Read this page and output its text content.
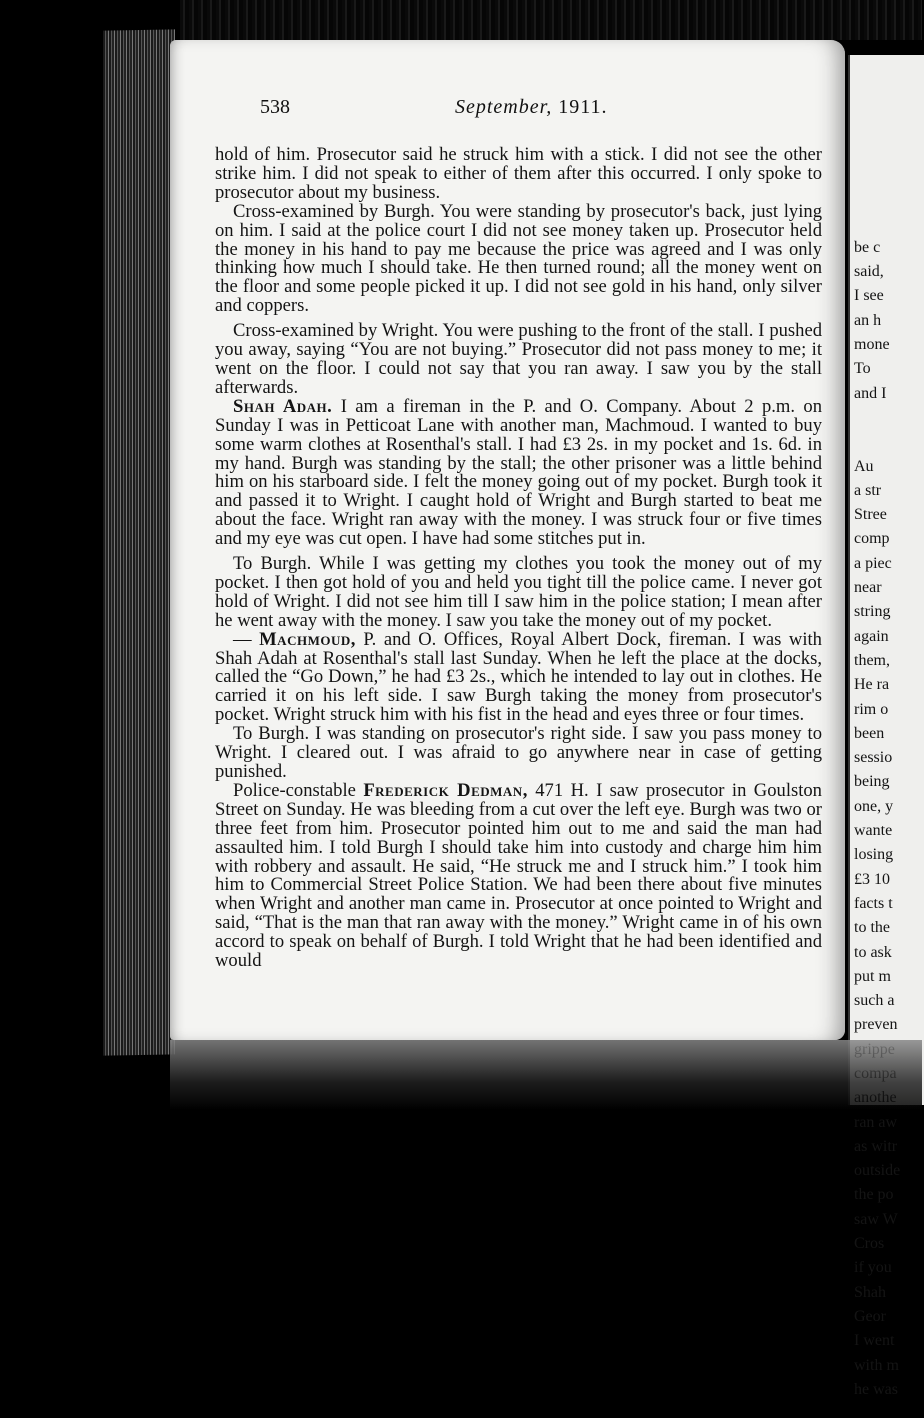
be c
said,
I see
an h
mone
To
and I
Au
a str
Stree
comp
a piec
near
string
again
them,
He ra
rim o
been
sessio
being
one, y
wante
losing
£3 10
facts t
to the
to ask
put m
such a
preven
ran aw
as witr
outside
the po
saw W
Cros
if you
Shah
Geor
I went
with m
he was
538	September, 1911.

hold of him. Prosecutor said he struck him with a stick. I did not see the other strike him. I did not speak to either of them after this occurred. I only spoke to prosecutor about my business.

Cross-examined by Burgh. You were standing by prosecutor's back, just lying on him. I said at the police court I did not see money taken up. Prosecutor held the money in his hand to pay me because the price was agreed and I was only thinking how much I should take. He then turned round; all the money went on the floor and some people picked it up. I did not see gold in his hand, only silver and coppers.

Cross-examined by Wright. You were pushing to the front of the stall. I pushed you away, saying “You are not buying.” Prosecutor did not pass money to me; it went on the floor. I could not say that you ran away. I saw you by the stall afterwards.

Shah Adah. I am a fireman in the P. and O. Company. About 2 p.m. on Sunday I was in Petticoat Lane with another man, Machmoud. I wanted to buy some warm clothes at Rosenthal's stall. I had £3 2s. in my pocket and 1s. 6d. in my hand. Burgh was standing by the stall; the other prisoner was a little behind him on his starboard side. I felt the money going out of my pocket. Burgh took it and passed it to Wright. I caught hold of Wright and Burgh started to beat me about the face. Wright ran away with the money. I was struck four or five times and my eye was cut open. I have had some stitches put in.

To Burgh. While I was getting my clothes you took the money out of my pocket. I then got hold of you and held you tight till the police came. I never got hold of Wright. I did not see him till I saw him in the police station; I mean after he went away with the money. I saw you take the money out of my pocket.

— Machmoud, P. and O. Offices, Royal Albert Dock, fireman. I was with Shah Adah at Rosenthal's stall last Sunday. When he left the place at the docks, called the “Go Down,” he had £3 2s., which he intended to lay out in clothes. He carried it on his left side. I saw Burgh taking the money from prosecutor's pocket. Wright struck him with his fist in the head and eyes three or four times.

To Burgh. I was standing on prosecutor's right side. I saw you pass money to Wright. I cleared out. I was afraid to go anywhere near in case of getting punished.

Police-constable Frederick Dedman, 471 H. I saw prosecutor in Goulston Street on Sunday. He was bleeding from a cut over the left eye. Burgh was two or three feet from him. Prosecutor pointed him out to me and said the man had assaulted him. I told Burgh I should take him into custody and charge him him with robbery and assault. He said, “He struck me and I struck him.” I took him him to Commercial Street Police Station. We had been there about five minutes when Wright and another man came in. Prosecutor at once pointed to Wright and said, “That is the man that ran away with the money.” Wright came in of his own accord to speak on behalf of Burgh. I told Wright that he had been identified and would
